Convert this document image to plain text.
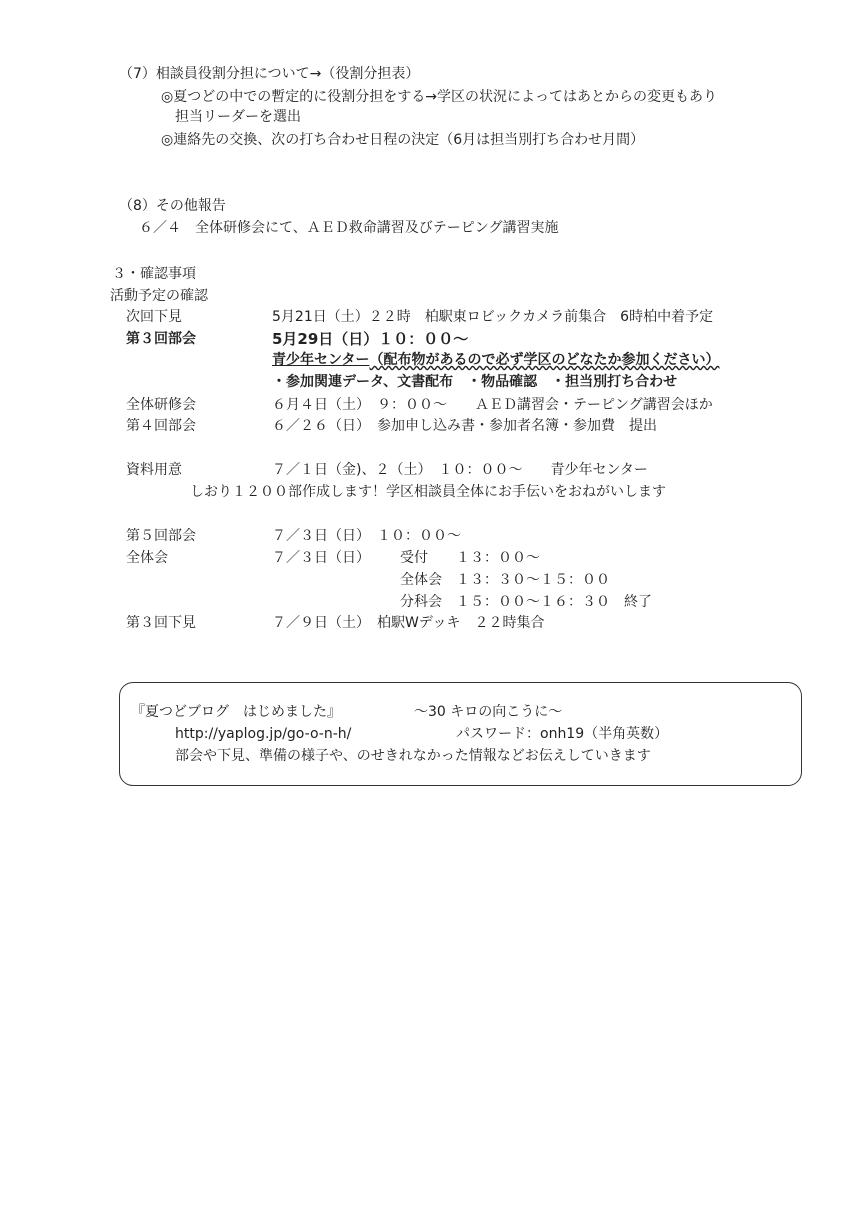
（7）相談員役割分担について→（役割分担表）
◎夏つどの中での暫定的に役割分担をする→学区の状況によってはあとからの変更もあり
担当リーダーを選出
◎連絡先の交換、次の打ち合わせ日程の決定（6月は担当別打ち合わせ月間）
（8）その他報告
６／４　全体研修会にて、ＡＥＤ救命講習及びテーピング講習実施
３・確認事項
活動予定の確認
次回下見	5月21日（土）２２時　柏駅東ロビックカメラ前集合　6時柏中着予定
第３回部会	5月29日（日）１０：００～
青少年センター（配布物があるので必ず学区のどなたか参加ください）
・参加関連データ、文書配布　・物品確認　・担当別打ち合わせ
全体研修会	６月４日（土）　９：００～　　ＡＥＤ講習会・テーピング講習会ほか
第４回部会	６／２６（日）　参加申し込み書・参加者名簿・参加費　提出
資料用意	７／１日（金)、２（土）　１０：００～　　青少年センター
しおり１２００部作成します！学区相談員全体にお手伝いをおねがいします
第５回部会	７／３日（日）　１０：００～
全体会	７／３日（日） 受付　　１３：００～
全体会　１３：３０～１５：００
分科会　１５：００～１６：３０　終了
第３回下見	７／９日（土）　柏駅Wデッキ　２２時集合
『夏つどブログ　はじめました』	～30 キロの向こうに～
http://yaplog.jp/go-o-n-h/	パスワード：onh19（半角英数）
部会や下見、準備の様子や、のせきれなかった情報などお伝えしていきます
